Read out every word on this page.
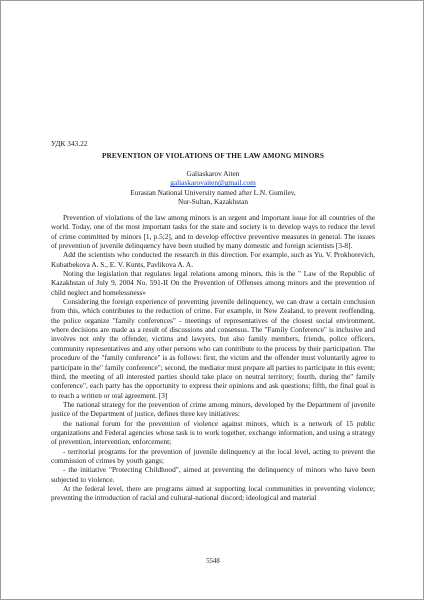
УДК 343.22
PREVENTION OF VIOLATIONS OF THE LAW AMONG MINORS
Galiaskarov Aiten
galiaskarovaiten@gmail.com
Eurasian National University named after L.N. Gumilev,
Nur-Sultan, Kazakhstan

Prevention of violations of the law among minors is an urgent and important issue for all countries of the world. Today, one of the most important tasks for the state and society is to develop ways to reduce the level of crime committed by minors [1, p.5;2], and to develop effective preventive measures in general. The issues of prevention of juvenile delinquency have been studied by many domestic and foreign scientists [3-8].

Add the scientists who conducted the research in this direction. For example, such as Yu. V. Prokhorevich, Kubatbekova A. S., E. V. Kunts, Pavlikova A. A.

Noting the legislation that regulates legal relations among minors, this is the " Law of the Republic of Kazakhstan of July 9, 2004 No. 591-II On the Prevention of Offenses among minors and the prevention of child neglect and homelessness»

Considering the foreign experience of preventing juvenile delinquency, we can draw a certain conclusion from this, which contributes to the reduction of crime. For example, in New Zealand, to prevent reoffending, the police organize "family conferences" - meetings of representatives of the closest social environment, where decisions are made as a result of discussions and consensus. The "Family Conference" is inclusive and involves not only the offender, victims and lawyers, but also family members, friends, police officers, community representatives and any other persons who can contribute to the process by their participation. The procedure of the "family conference" is as follows: first, the victim and the offender must voluntarily agree to participate in the" family conference"; second, the mediator must prepare all parties to participate in this event; third, the meeting of all interested parties should take place on neutral territory; fourth, during the" family conference", each party has the opportunity to express their opinions and ask questions; fifth, the final goal is to reach a written or oral agreement. [3]

The national strategy for the prevention of crime among minors, developed by the Department of juvenile justice of the Department of justice, defines three key initiatives:

the national forum for the prevention of violence against minors, which is a network of 15 public organizations and Federal agencies whose task is to work together, exchange information, and using a strategy of prevention, intervention, enforcement;

- territorial programs for the prevention of juvenile delinquency at the local level, acting to prevent the commission of crimes by youth gangs;

- the initiative "Protecting Childhood", aimed at preventing the delinquency of minors who have been subjected to violence.

At the federal level, there are programs aimed at supporting local communities in preventing violence; preventing the introduction of racial and cultural-national discord; ideological and material

5548
